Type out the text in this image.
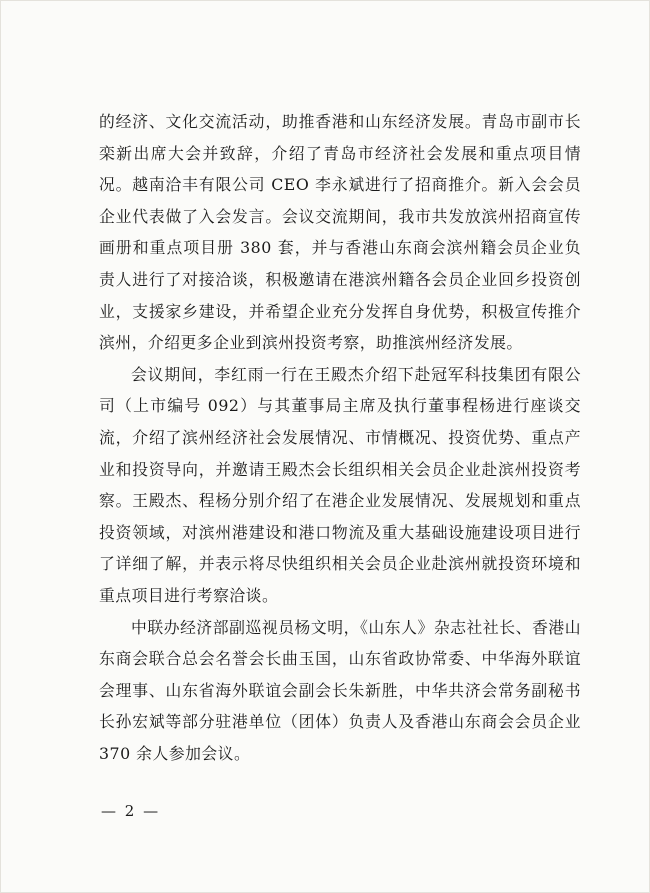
的经济、文化交流活动，助推香港和山东经济发展。青岛市副市长栾新出席大会并致辞，介绍了青岛市经济社会发展和重点项目情况。越南洽丰有限公司 CEO 李永斌进行了招商推介。新入会会员企业代表做了入会发言。会议交流期间，我市共发放滨州招商宣传画册和重点项目册 380 套，并与香港山东商会滨州籍会员企业负责人进行了对接洽谈，积极邀请在港滨州籍各会员企业回乡投资创业，支援家乡建设，并希望企业充分发挥自身优势，积极宣传推介滨州，介绍更多企业到滨州投资考察，助推滨州经济发展。

会议期间，李红雨一行在王殿杰介绍下赴冠军科技集团有限公司（上市编号 092）与其董事局主席及执行董事程杨进行座谈交流，介绍了滨州经济社会发展情况、市情概况、投资优势、重点产业和投资导向，并邀请王殿杰会长组织相关会员企业赴滨州投资考察。王殿杰、程杨分别介绍了在港企业发展情况、发展规划和重点投资领域，对滨州港建设和港口物流及重大基础设施建设项目进行了详细了解，并表示将尽快组织相关会员企业赴滨州就投资环境和重点项目进行考察洽谈。

中联办经济部副巡视员杨文明，《山东人》杂志社社长、香港山东商会联合总会名誉会长曲玉国，山东省政协常委、中华海外联谊会理事、山东省海外联谊会副会长朱新胜，中华共济会常务副秘书长孙宏斌等部分驻港单位（团体）负责人及香港山东商会会员企业 370 余人参加会议。

— 2 —
